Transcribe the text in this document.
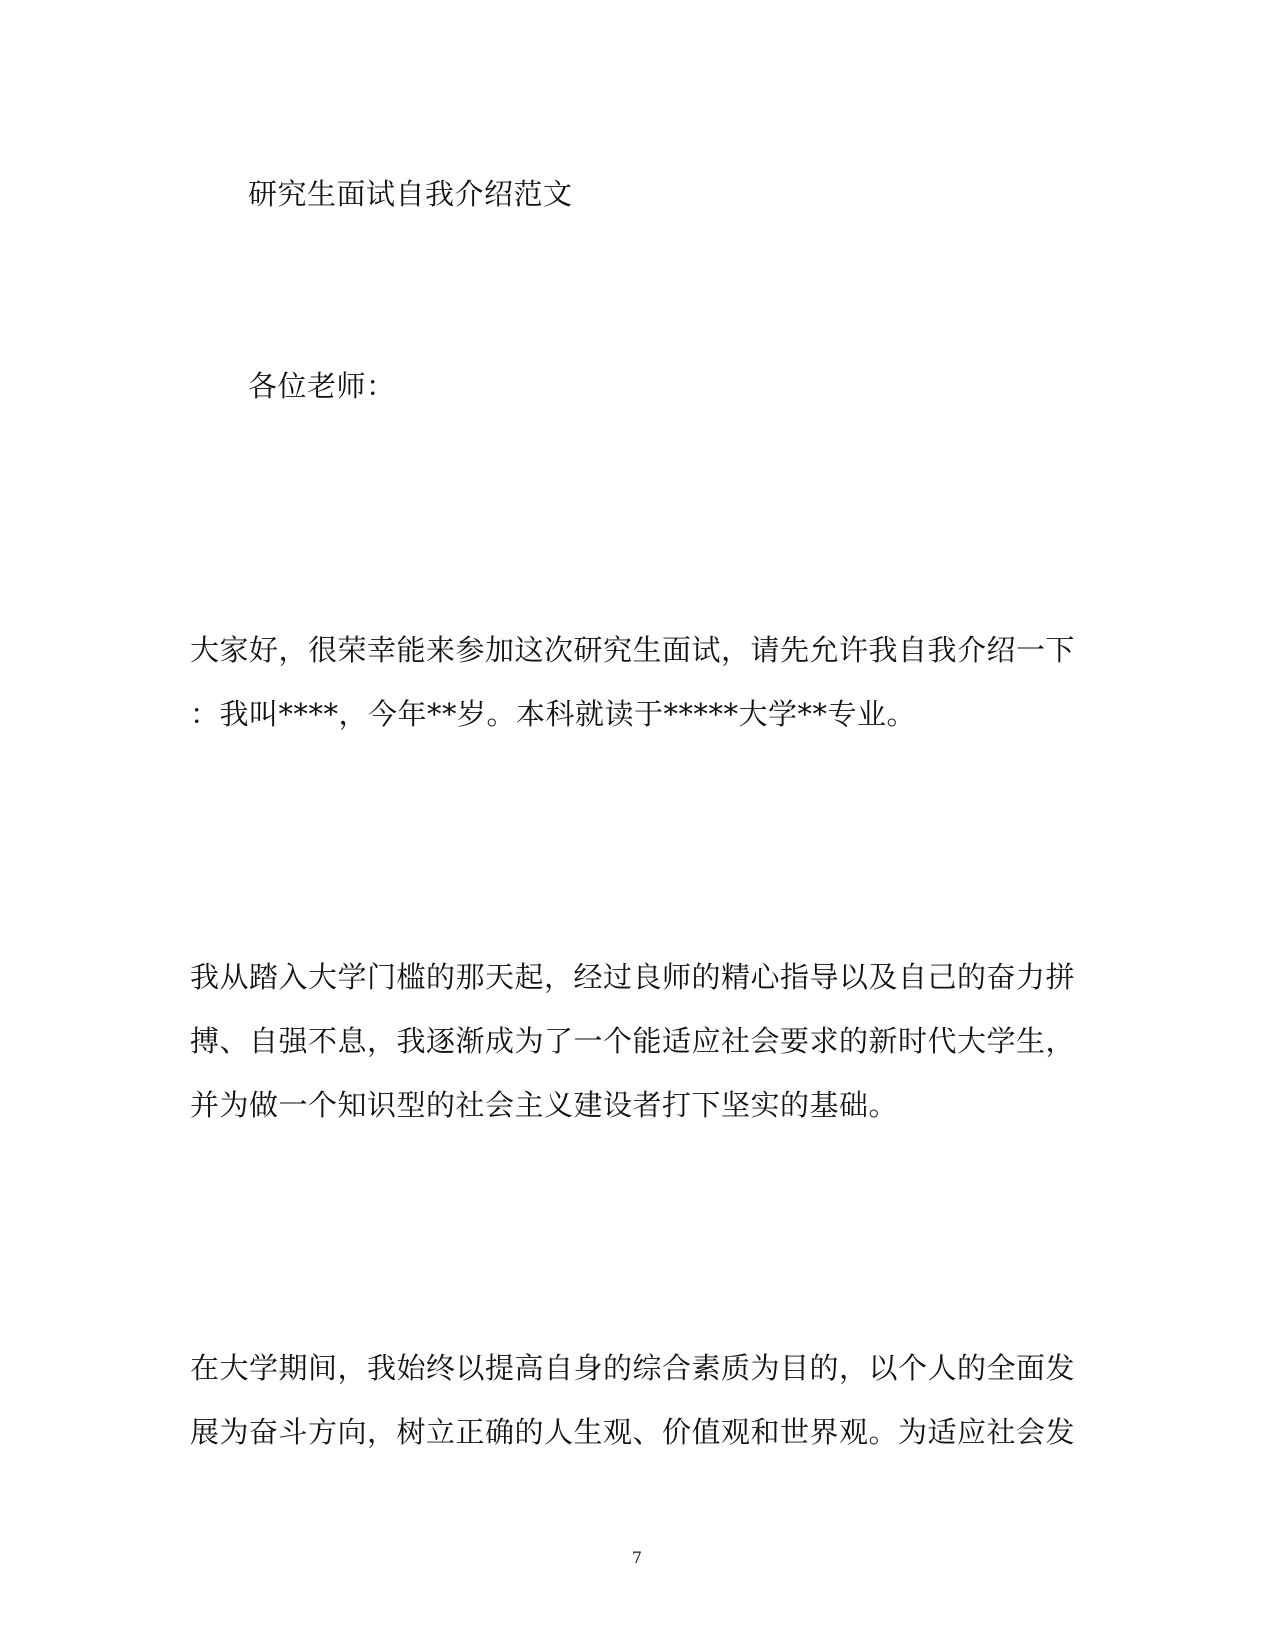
研究生面试自我介绍范文
各位老师：
大家好，很荣幸能来参加这次研究生面试，请先允许我自我介绍一下
：我叫****，今年**岁。本科就读于*****大学**专业。
我从踏入大学门槛的那天起，经过良师的精心指导以及自己的奋力拼
搏、自强不息，我逐渐成为了一个能适应社会要求的新时代大学生，
并为做一个知识型的社会主义建设者打下坚实的基础。
在大学期间，我始终以提高自身的综合素质为目的，以个人的全面发
展为奋斗方向，树立正确的人生观、价值观和世界观。为适应社会发
7
